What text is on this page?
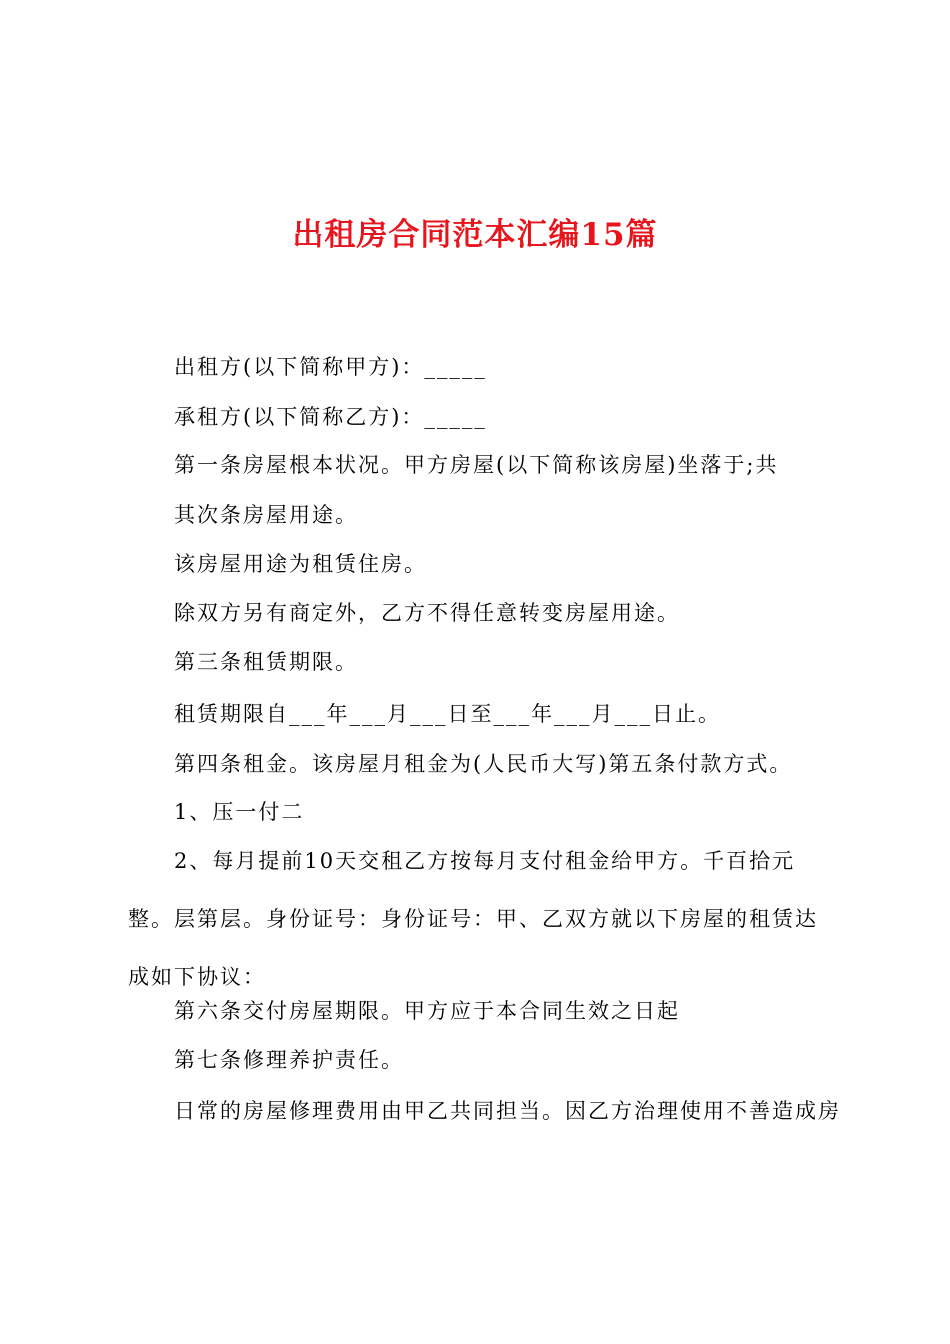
出租房合同范本汇编15篇

出租方(以下简称甲方)：_____

承租方(以下简称乙方)：_____

第一条房屋根本状况。甲方房屋(以下简称该房屋)坐落于;共

其次条房屋用途。

该房屋用途为租赁住房。

除双方另有商定外，乙方不得任意转变房屋用途。

第三条租赁期限。

租赁期限自___年___月___日至___年___月___日止。

第四条租金。该房屋月租金为(人民币大写)第五条付款方式。

1、压一付二

2、每月提前10天交租乙方按每月支付租金给甲方。千百拾元整。层第层。身份证号：身份证号：甲、乙双方就以下房屋的租赁达成如下协议：

第六条交付房屋期限。甲方应于本合同生效之日起

第七条修理养护责任。

日常的房屋修理费用由甲乙共同担当。因乙方治理使用不善造成房
